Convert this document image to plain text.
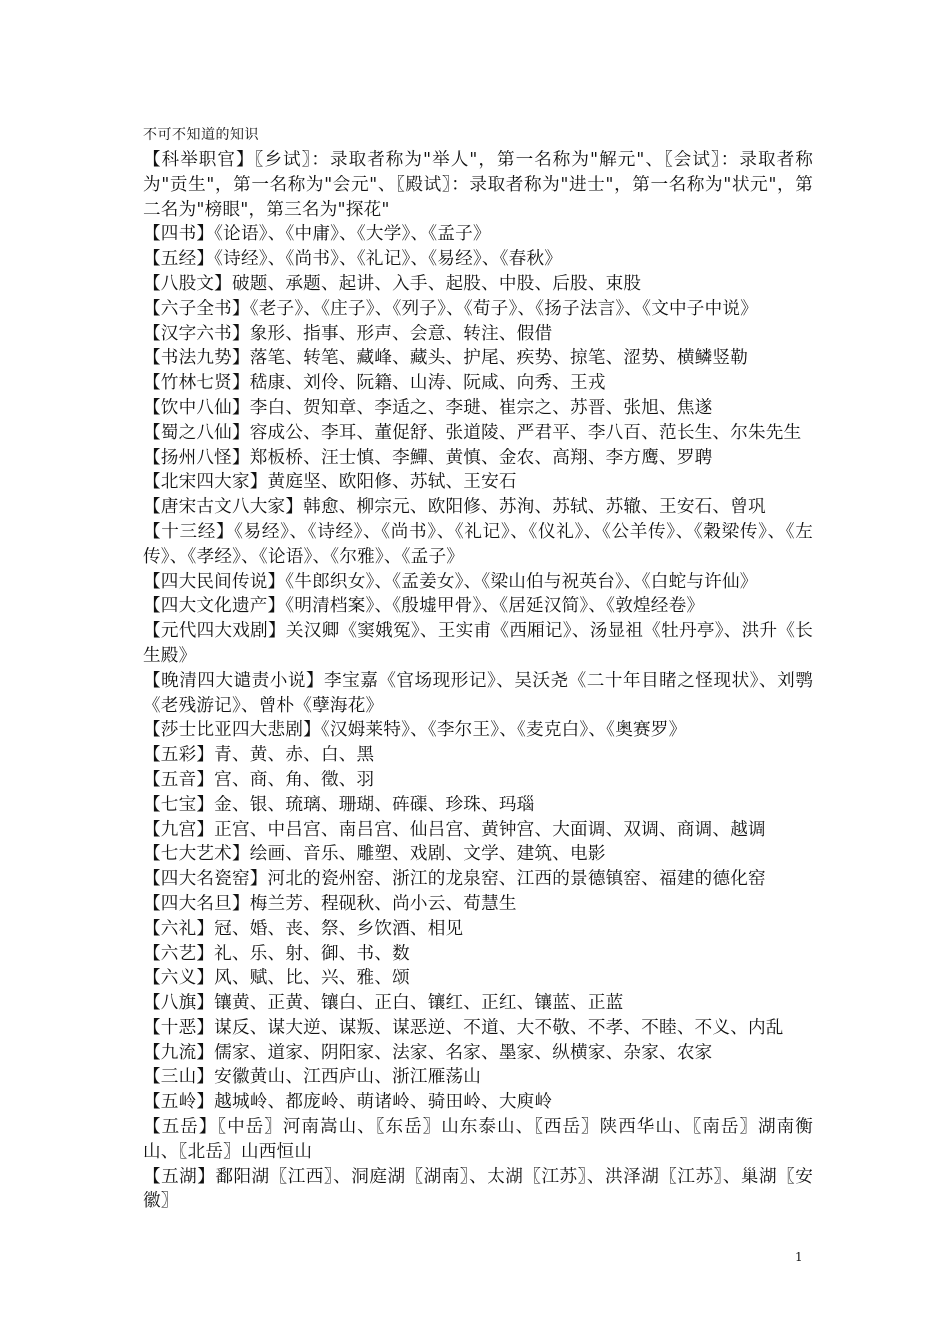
不可不知道的知识

【科举职官】〖乡试〗：录取者称为"举人"，第一名称为"解元"、〖会试〗：录取者称为"贡生"，第一名称为"会元"、〖殿试〗：录取者称为"进士"，第一名称为"状元"，第二名为"榜眼"，第三名为"探花"

【四书】《论语》、《中庸》、《大学》、《孟子》

【五经】《诗经》、《尚书》、《礼记》、《易经》、《春秋》

【八股文】破题、承题、起讲、入手、起股、中股、后股、束股

【六子全书】《老子》、《庄子》、《列子》、《荀子》、《扬子法言》、《文中子中说》

【汉字六书】象形、指事、形声、会意、转注、假借

【书法九势】落笔、转笔、藏峰、藏头、护尾、疾势、掠笔、涩势、横鳞竖勒

【竹林七贤】嵇康、刘伶、阮籍、山涛、阮咸、向秀、王戎

【饮中八仙】李白、贺知章、李适之、李琎、崔宗之、苏晋、张旭、焦遂

【蜀之八仙】容成公、李耳、董促舒、张道陵、严君平、李八百、范长生、尔朱先生

【扬州八怪】郑板桥、汪士慎、李鱓、黄慎、金农、高翔、李方鹰、罗聘

【北宋四大家】黄庭坚、欧阳修、苏轼、王安石

【唐宋古文八大家】韩愈、柳宗元、欧阳修、苏洵、苏轼、苏辙、王安石、曾巩

【十三经】《易经》、《诗经》、《尚书》、《礼记》、《仪礼》、《公羊传》、《穀梁传》、《左传》、《孝经》、《论语》、《尔雅》、《孟子》

【四大民间传说】《牛郎织女》、《孟姜女》、《梁山伯与祝英台》、《白蛇与许仙》

【四大文化遗产】《明清档案》、《殷墟甲骨》、《居延汉简》、《敦煌经卷》

【元代四大戏剧】关汉卿《窦娥冤》、王实甫《西厢记》、汤显祖《牡丹亭》、洪升《长生殿》

【晚清四大谴责小说】李宝嘉《官场现形记》、吴沃尧《二十年目睹之怪现状》、刘鹗《老残游记》、曾朴《孽海花》

【莎士比亚四大悲剧】《汉姆莱特》、《李尔王》、《麦克白》、《奥赛罗》

【五彩】青、黄、赤、白、黑

【五音】宫、商、角、徵、羽

【七宝】金、银、琉璃、珊瑚、砗磲、珍珠、玛瑙

【九宫】正宫、中吕宫、南吕宫、仙吕宫、黄钟宫、大面调、双调、商调、越调

【七大艺术】绘画、音乐、雕塑、戏剧、文学、建筑、电影

【四大名瓷窑】河北的瓷州窑、浙江的龙泉窑、江西的景德镇窑、福建的德化窑

【四大名旦】梅兰芳、程砚秋、尚小云、荀慧生

【六礼】冠、婚、丧、祭、乡饮酒、相见

【六艺】礼、乐、射、御、书、数

【六义】风、赋、比、兴、雅、颂

【八旗】镶黄、正黄、镶白、正白、镶红、正红、镶蓝、正蓝

【十恶】谋反、谋大逆、谋叛、谋恶逆、不道、大不敬、不孝、不睦、不义、内乱

【九流】儒家、道家、阴阳家、法家、名家、墨家、纵横家、杂家、农家

【三山】安徽黄山、江西庐山、浙江雁荡山

【五岭】越城岭、都庞岭、萌诸岭、骑田岭、大庾岭

【五岳】〖中岳〗河南嵩山、〖东岳〗山东泰山、〖西岳〗陕西华山、〖南岳〗湖南衡山、〖北岳〗山西恒山

【五湖】鄱阳湖〖江西〗、洞庭湖〖湖南〗、太湖〖江苏〗、洪泽湖〖江苏〗、巢湖〖安徽〗

1
